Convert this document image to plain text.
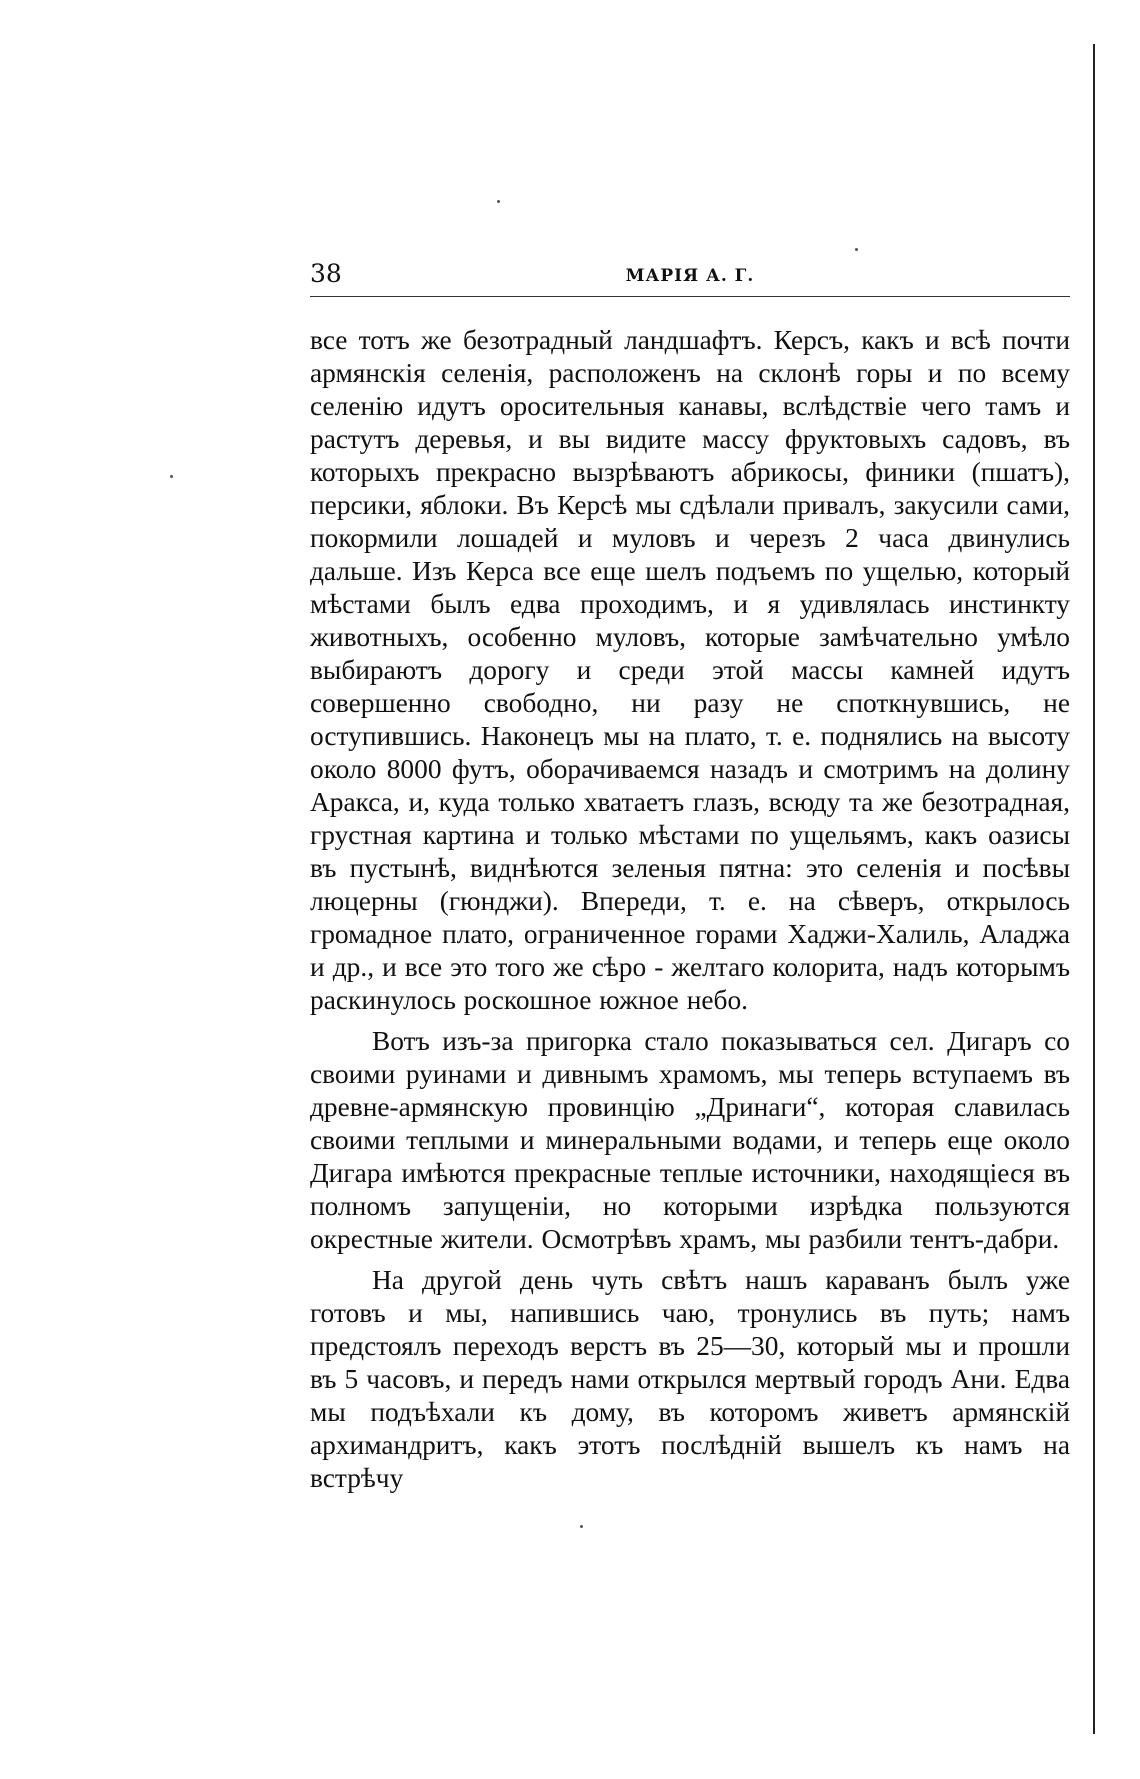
38	МАРІЯ А. Г.

все тотъ же безотрадный ландшафтъ. Керсъ, какъ и всѣ почти армянскія селенія, расположенъ на склонѣ горы и по всему селенію идутъ оросительныя канавы, вслѣдствіе чего тамъ и растутъ деревья, и вы видите массу фруктовыхъ садовъ, въ которыхъ прекрасно вызрѣваютъ абрикосы, финики (пшатъ), персики, яблоки. Въ Керсѣ мы сдѣлали привалъ, закусили сами, покормили лошадей и муловъ и черезъ 2 часа двинулись дальше. Изъ Керса все еще шелъ подъемъ по ущелью, который мѣстами былъ едва проходимъ, и я удивлялась инстинкту животныхъ, особенно муловъ, которые замѣчательно умѣло выбираютъ дорогу и среди этой массы камней идутъ совершенно свободно, ни разу не споткнувшись, не оступившись. Наконецъ мы на плато, т. е. поднялись на высоту около 8000 футъ, оборачиваемся назадъ и смотримъ на долину Аракса, и, куда только хватаетъ глазъ, всюду та же безотрадная, грустная картина и только мѣстами по ущельямъ, какъ оазисы въ пустынѣ, виднѣются зеленыя пятна: это селенія и посѣвы люцерны (гюнджи). Впереди, т. е. на сѣверъ, открылось громадное плато, ограниченное горами Хаджи-Халиль, Аладжа и др., и все это того же сѣро - желтаго колорита, надъ которымъ раскинулось роскошное южное небо.

Вотъ изъ-за пригорка стало показываться сел. Дигаръ со своими руинами и дивнымъ храмомъ, мы теперь вступаемъ въ древне-армянскую провинцію „Дринаги“, которая славилась своими теплыми и минеральными водами, и теперь еще около Дигара имѣются прекрасные теплые источники, находящіеся въ полномъ запущеніи, но которыми изрѣдка пользуются окрестные жители. Осмотрѣвъ храмъ, мы разбили тентъ-дабри.

На другой день чуть свѣтъ нашъ караванъ былъ уже готовъ и мы, напившись чаю, тронулись въ путь; намъ предстоялъ переходъ верстъ въ 25—30, который мы и прошли въ 5 часовъ, и передъ нами открылся мертвый городъ Ани. Едва мы подъѣхали къ дому, въ которомъ живетъ армянскій архимандритъ, какъ этотъ послѣдній вышелъ къ намъ на встрѣчу
